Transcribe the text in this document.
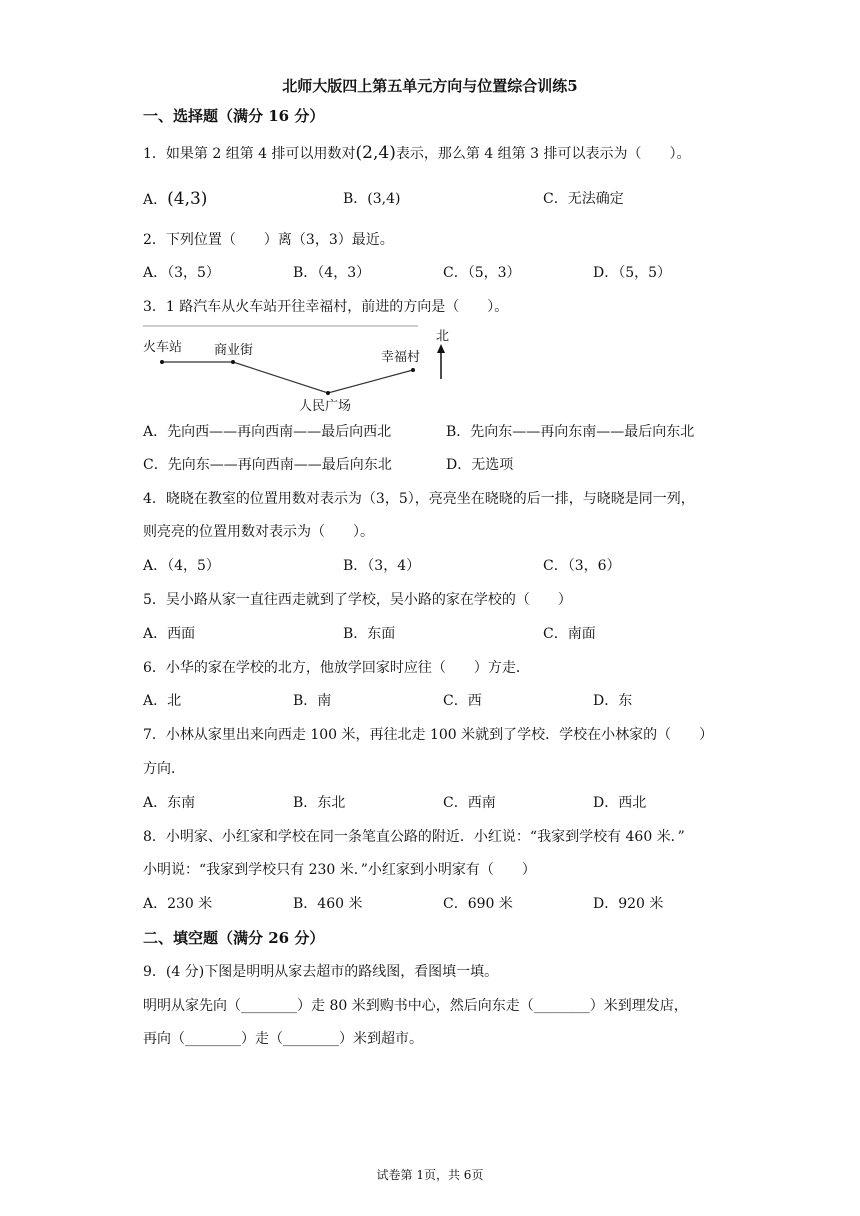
北师大版四上第五单元方向与位置综合训练5
一、选择题（满分 16 分）
1．如果第 2 组第 4 排可以用数对(2,4)表示，那么第 4 组第 3 排可以表示为（　　）。
A．(4,3)	B．(3,4)	C．无法确定
2．下列位置（　　）离（3，3）最近。
A．（3，5）	B．（4，3）	C．（5，3）	D．（5，5）
3．1 路汽车从火车站开往幸福村，前进的方向是（　　）。
火车站 商业街	幸福村
人民广场
北
A．先向西——再向西南——最后向西北	B．先向东——再向东南——最后向东北
C．先向东——再向西南——最后向东北	D．无选项
4．晓晓在教室的位置用数对表示为（3，5），亮亮坐在晓晓的后一排，与晓晓是同一列，
则亮亮的位置用数对表示为（　　）。
A．（4，5）	B．（3，4）	C．（3，6）
5．吴小路从家一直往西走就到了学校，吴小路的家在学校的（　　）
A．西面	B．东面	C．南面
6．小华的家在学校的北方，他放学回家时应往（　　）方走．
A．北	B．南	C．西	D．东
7．小林从家里出来向西走 100 米，再往北走 100 米就到了学校．学校在小林家的（　　）
方向．
A．东南	B．东北	C．西南	D．西北
8．小明家、小红家和学校在同一条笔直公路的附近．小红说：“我家到学校有 460 米．”
小明说：“我家到学校只有 230 米．”小红家到小明家有（　　）
A．230 米	B．460 米	C．690 米	D．920 米
二、填空题（满分 26 分）
9．(4 分)下图是明明从家去超市的路线图，看图填一填。
明明从家先向（________）走 80 米到购书中心，然后向东走（________）米到理发店，
再向（________）走（________）米到超市。
试卷第 1页，共 6页
